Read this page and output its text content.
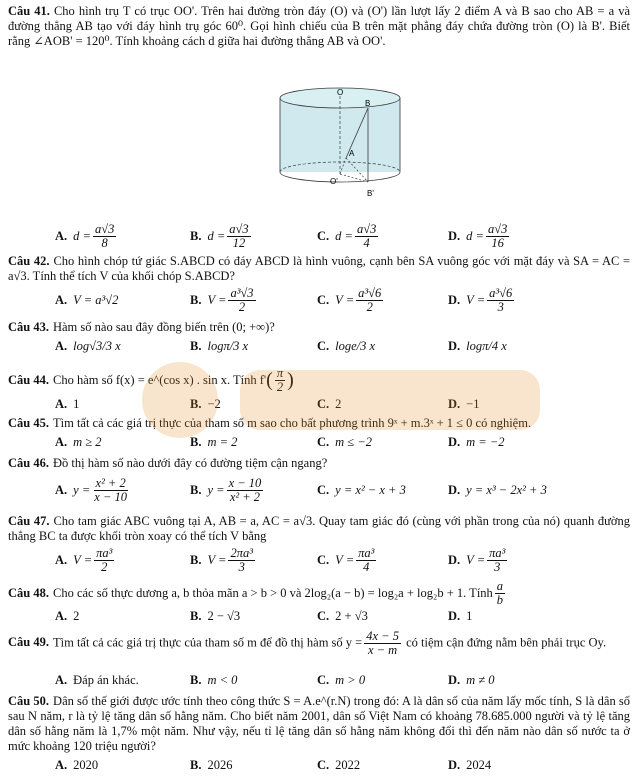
Câu 41. Cho hình trụ T có trục OO'. Trên hai đường tròn đáy (O) và (O') lần lượt lấy 2 điểm A và B sao cho AB = a và đường thẳng AB tạo với đáy hình trụ góc 60⁰. Gọi hình chiếu của B trên mặt phẳng đáy chứa đường tròn (O) là B'. Biết rằng ∠AOB' = 120⁰. Tính khoảng cách d giữa hai đường thẳng AB và OO'.
O
B
A
O'
B'
A. $d = \frac{a√3}{8}$	B. $d = \frac{a√3}{12}$	C. $d = \frac{a√3}{4}$	D. $d = \frac{a√3}{16}$
Câu 42. Cho hình chóp tứ giác S.ABCD có đáy ABCD là hình vuông, cạnh bên SA vuông góc với mặt đáy và SA = AC = a√3. Tính thể tích V của khối chóp S.ABCD?
A. V = a³√2	B. $V = \frac{\text{a³√3}}{2}$	C. $V = \frac{\text{a³√6}}{2}$	D. $V = \frac{\text{a³√6}}{3}$
Câu 43. Hàm số nào sau đây đồng biến trên (0; +∞)?
A. log√3/3 x	B. logπ/3 x	C. loge/3 x	D. logπ/4 x
Câu 44. Cho hàm số f(x) = e^(cos x) . sin x. Tính f' ( $\frac{\pi}{2}$ )
A. 1	B. −2	C. 2	D. −1
Câu 45. Tìm tất cả các giá trị thực của tham số m sao cho bất phương trình 9ˣ + m.3ˣ + 1 ≤ 0 có nghiệm.
A. m ≥ 2	B. m = 2	C. m ≤ −2	D. m = −2
Câu 46. Đồ thị hàm số nào dưới đây có đường tiệm cận ngang?
A. $y = \frac{\text{x² + 2}}{x - 10}$	B. $y = \frac{x - 10}{\text{x² + 2}}$	C. y = x² − x + 3	D. y = x³ − 2x² + 3
Câu 47. Cho tam giác ABC vuông tại A, AB = a, AC = a√3. Quay tam giác đó (cùng với phần trong của nó) quanh đường thẳng BC ta được khối tròn xoay có thể tích V bằng
A. $V = \frac{\text{πa³}}{2}$	B. $V = \frac{\text{2πa³}}{3}$	C. $V = \frac{\text{πa³}}{4}$	D. $V = \frac{\text{πa³}}{3}$
Câu 48. Cho các số thực dương a, b thỏa mãn a > b > 0 và 2log₂(a − b) = log₂a + log₂b + 1. Tính $\frac{a}{b}$
A. 2	B. 2 − √3	C. 2 + √3	D. 1
Câu 49. Tìm tất cả các giá trị thực của tham số m để đồ thị hàm số $y = \frac{4x - 5}{x - m}$ có tiệm cận đứng nằm bên phải trục Oy.
A. Đáp án khác.	B. m < 0	C. m > 0	D. m ≠ 0
Câu 50. Dân số thế giới được ước tính theo công thức S = A.e^(r.N) trong đó: A là dân số của năm lấy mốc tính, S là dân số sau N năm, r là tỷ lệ tăng dân số hằng năm. Cho biết năm 2001, dân số Việt Nam có khoảng 78.685.000 người và tỷ lệ tăng dân số hằng năm là 1,7% một năm. Như vậy, nếu tỉ lệ tăng dân số hằng năm không đổi thì đến năm nào dân số nước ta ở mức khoảng 120 triệu người?
A. 2020	B. 2026	C. 2022	D. 2024
